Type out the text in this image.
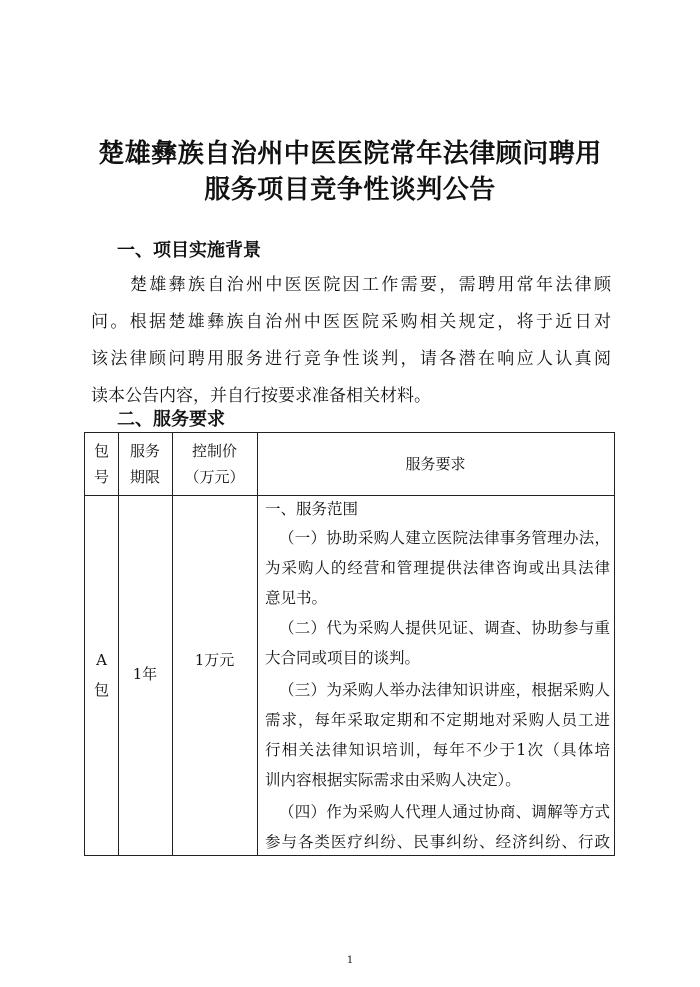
楚雄彝族自治州中医医院常年法律顾问聘用
服务项目竞争性谈判公告
一、项目实施背景
楚雄彝族自治州中医医院因工作需要，需聘用常年法律顾
问。根据楚雄彝族自治州中医医院采购相关规定，将于近日对
该法律顾问聘用服务进行竞争性谈判，请各潜在响应人认真阅
读本公告内容，并自行按要求准备相关材料。
二、服务要求
包
号
服务
期限
控制价
（万元）
服务要求
A
包
1年
1万元
一、服务范围
（一）协助采购人建立医院法律事务管理办法，
为采购人的经营和管理提供法律咨询或出具法律
意见书。
（二）代为采购人提供见证、调查、协助参与重
大合同或项目的谈判。
（三）为采购人举办法律知识讲座，根据采购人
需求，每年采取定期和不定期地对采购人员工进
行相关法律知识培训，每年不少于1次（具体培
训内容根据实际需求由采购人决定）。
（四）作为采购人代理人通过协商、调解等方式
参与各类医疗纠纷、民事纠纷、经济纠纷、行政
1
